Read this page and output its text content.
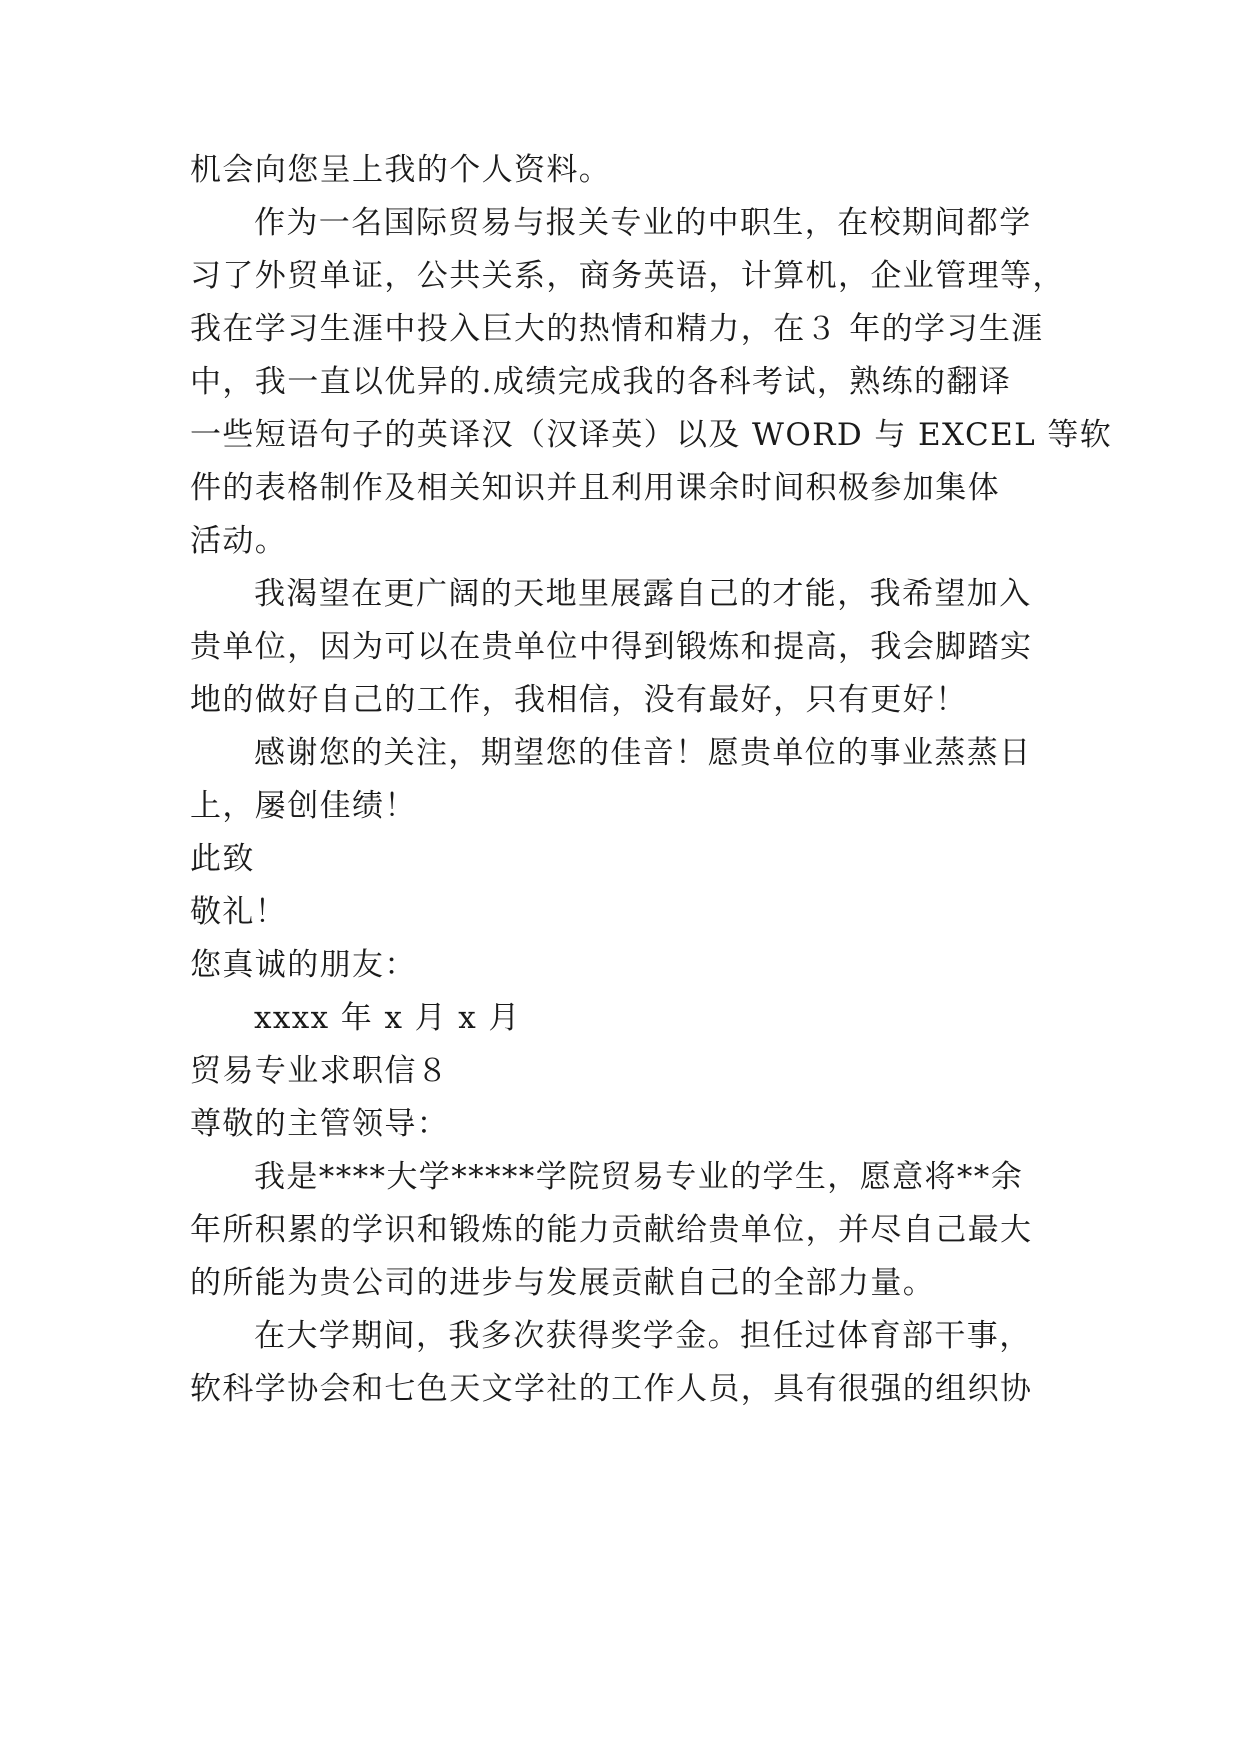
机会向您呈上我的个人资料。
作为一名国际贸易与报关专业的中职生，在校期间都学
习了外贸单证，公共关系，商务英语，计算机，企业管理等，
我在学习生涯中投入巨大的热情和精力，在３ 年的学习生涯
中，我一直以优异的.成绩完成我的各科考试，熟练的翻译
一些短语句子的英译汉（汉译英）以及 WORD 与 EXCEL 等软
件的表格制作及相关知识并且利用课余时间积极参加集体
活动。
我渴望在更广阔的天地里展露自己的才能，我希望加入
贵单位，因为可以在贵单位中得到锻炼和提高，我会脚踏实
地的做好自己的工作，我相信，没有最好，只有更好！
感谢您的关注，期望您的佳音！愿贵单位的事业蒸蒸日
上，屡创佳绩！
此致
敬礼！
您真诚的朋友：
xxxx 年 x 月 x 月
贸易专业求职信８
尊敬的主管领导：
我是****大学*****学院贸易专业的学生，愿意将**余
年所积累的学识和锻炼的能力贡献给贵单位，并尽自己最大
的所能为贵公司的进步与发展贡献自己的全部力量。
在大学期间，我多次获得奖学金。担任过体育部干事，
软科学协会和七色天文学社的工作人员，具有很强的组织协
